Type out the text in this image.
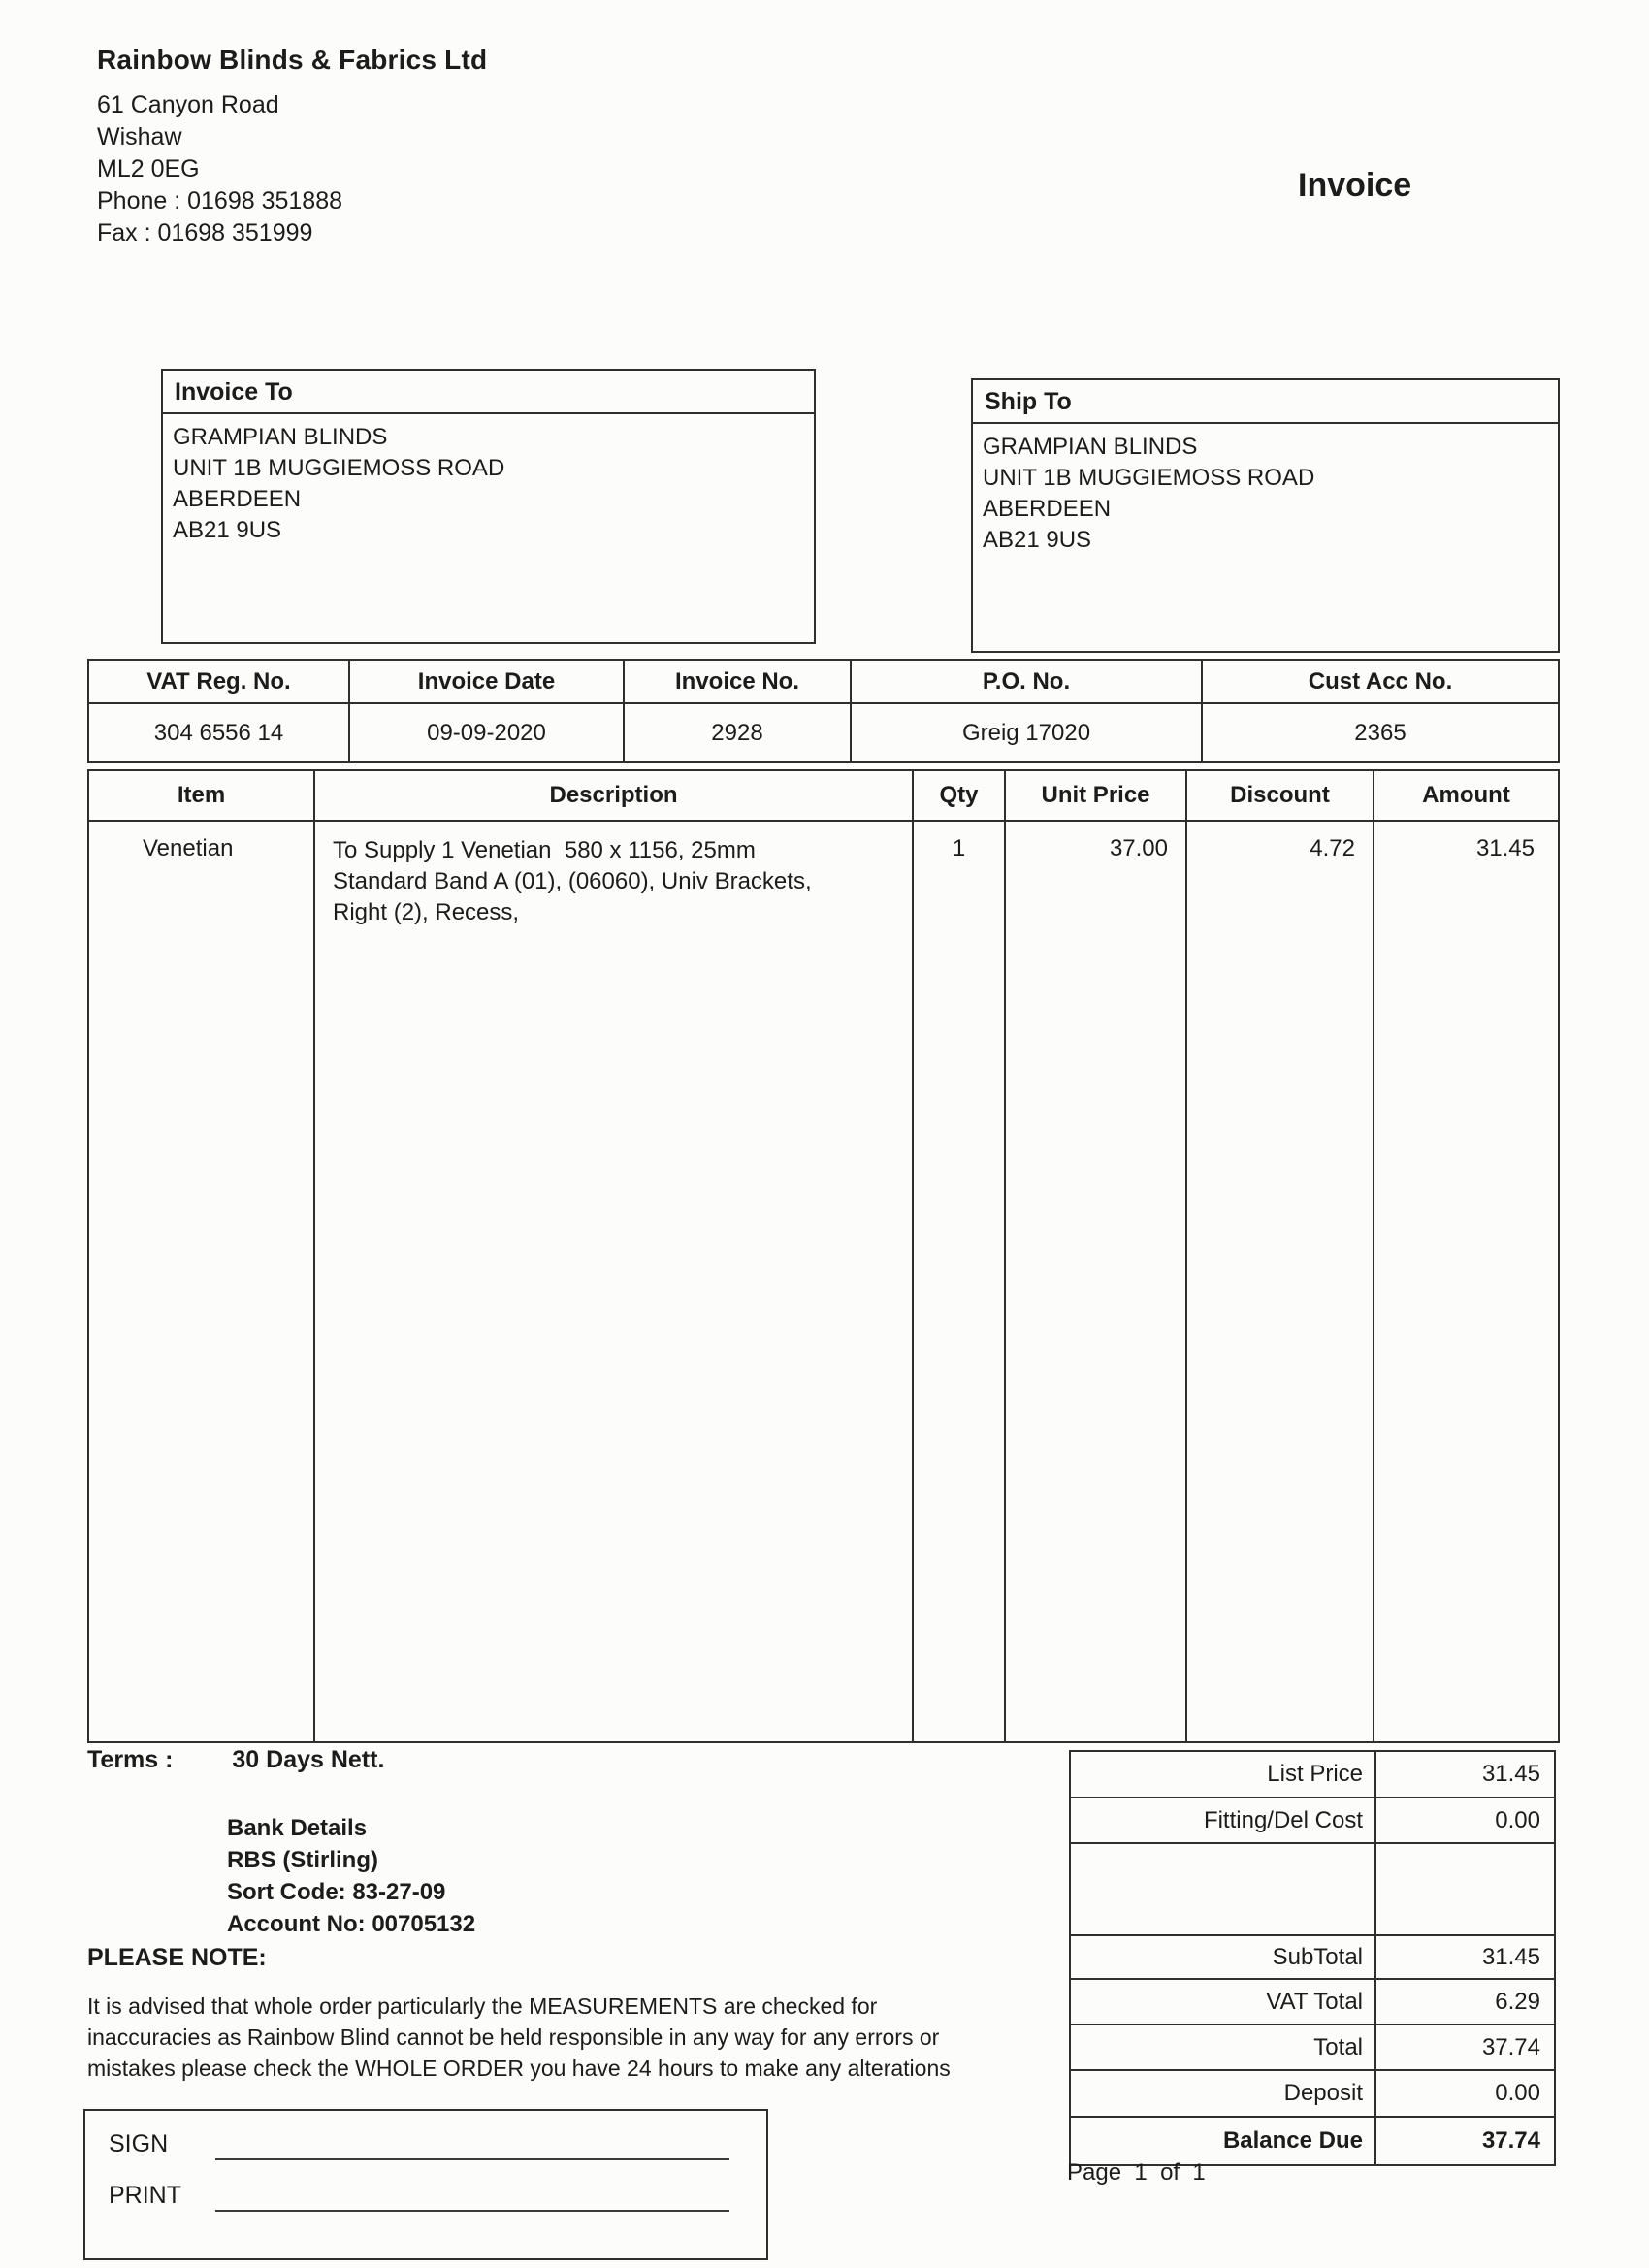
Rainbow Blinds & Fabrics Ltd
61 Canyon Road
Wishaw
ML2 0EG
Phone : 01698 351888
Fax : 01698 351999
Invoice
Invoice To
GRAMPIAN BLINDS
UNIT 1B MUGGIEMOSS ROAD
ABERDEEN
AB21 9US
Ship To
GRAMPIAN BLINDS
UNIT 1B MUGGIEMOSS ROAD
ABERDEEN
AB21 9US
VAT Reg. No.	Invoice Date	Invoice No.	P.O. No.	Cust Acc No.
304 6556 14	09-09-2020	2928	Greig 17020	2365
Item	Description	Qty	Unit Price	Discount	Amount
Venetian	To Supply 1 Venetian  580 x 1156, 25mm
Standard Band A (01), (06060), Univ Brackets,
Right (2), Recess,
1	37.00	4.72	31.45
Terms : 30 Days Nett.
Bank Details
RBS (Stirling)
Sort Code: 83-27-09
Account No: 00705132
PLEASE NOTE:
It is advised that whole order particularly the MEASUREMENTS are checked for
inaccuracies as Rainbow Blind cannot be held responsible in any way for any errors or
mistakes please check the WHOLE ORDER you have 24 hours to make any alterations
List Price	31.45
Fitting/Del Cost	0.00
SubTotal	31.45
VAT Total	6.29
Total	37.74
Deposit	0.00
Balance Due	37.74
SIGN
PRINT
Page  1  of  1
